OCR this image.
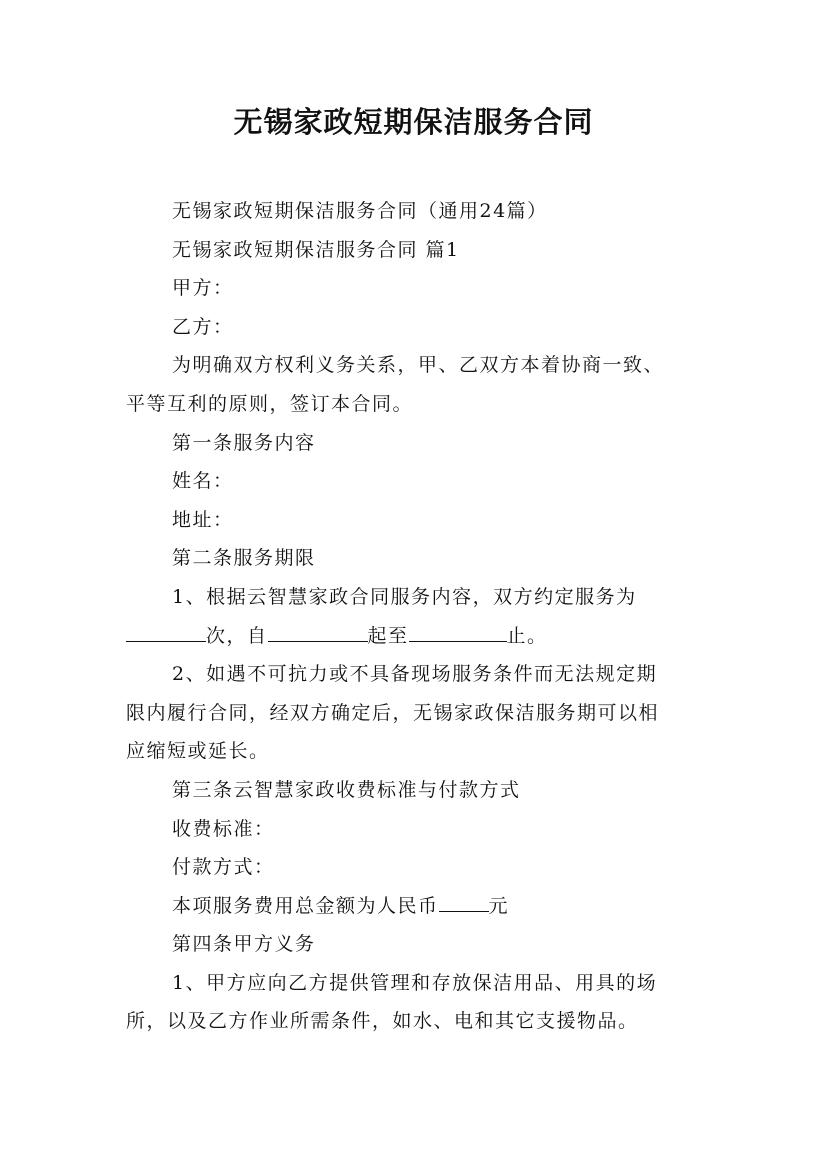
无锡家政短期保洁服务合同
无锡家政短期保洁服务合同（通用24篇）
无锡家政短期保洁服务合同 篇1
甲方：
乙方：
为明确双方权利义务关系，甲、乙双方本着协商一致、
平等互利的原则，签订本合同。
第一条服务内容
姓名：
地址：
第二条服务期限
1、根据云智慧家政合同服务内容，双方约定服务为
次，自	起至	止。
2、如遇不可抗力或不具备现场服务条件而无法规定期
限内履行合同，经双方确定后，无锡家政保洁服务期可以相
应缩短或延长。
第三条云智慧家政收费标准与付款方式
收费标准：
付款方式：
本项服务费用总金额为人民币	元
第四条甲方义务
1、甲方应向乙方提供管理和存放保洁用品、用具的场
所，以及乙方作业所需条件，如水、电和其它支援物品。
